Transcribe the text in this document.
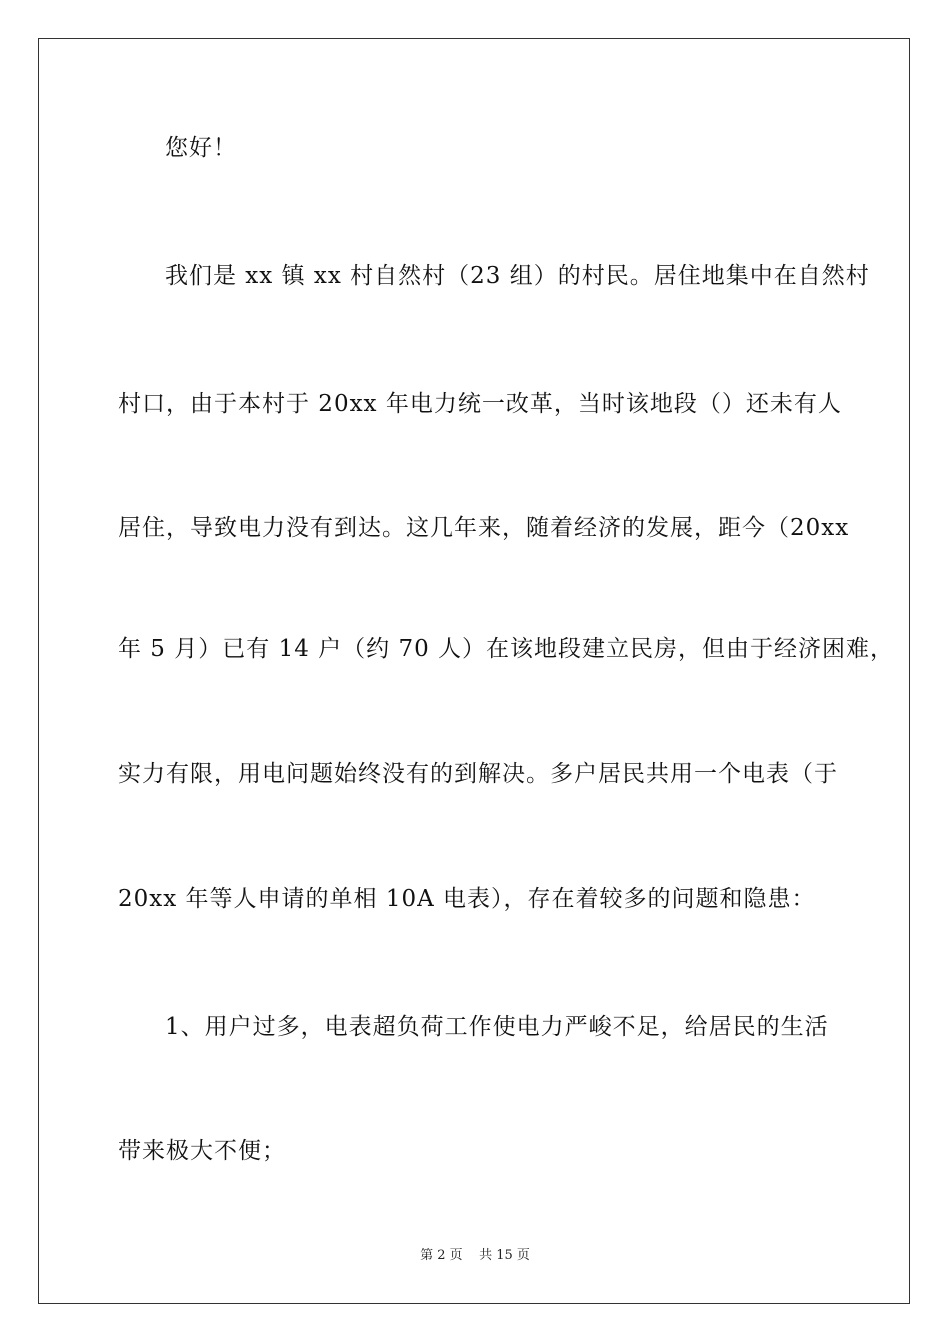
您好！
我们是 xx 镇 xx 村自然村（23 组）的村民。居住地集中在自然村
村口，由于本村于 20xx 年电力统一改革，当时该地段（）还未有人
居住，导致电力没有到达。这几年来，随着经济的发展，距今（20xx
年 5 月）已有 14 户（约 70 人）在该地段建立民房，但由于经济困难，
实力有限，用电问题始终没有的到解决。多户居民共用一个电表（于
20xx 年等人申请的单相 10A 电表），存在着较多的问题和隐患：
1、用户过多，电表超负荷工作使电力严峻不足，给居民的生活
带来极大不便；
第 2 页    共 15 页
